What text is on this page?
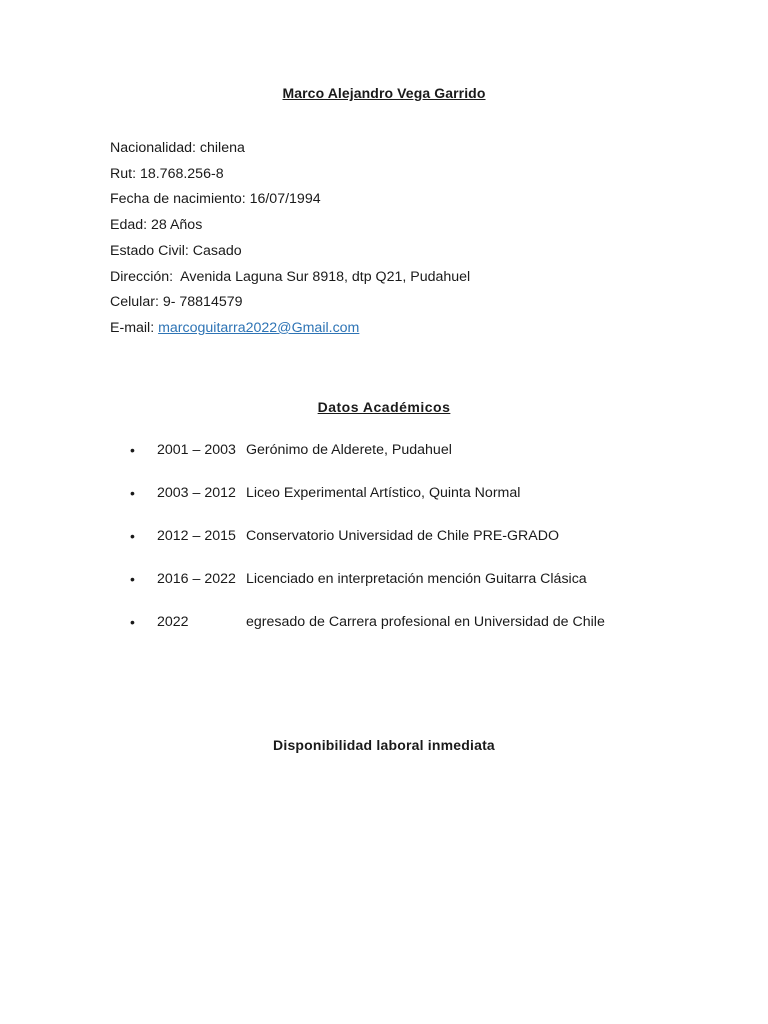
Marco Alejandro Vega Garrido
Nacionalidad: chilena
Rut: 18.768.256-8
Fecha de nacimiento: 16/07/1994
Edad: 28 Años
Estado Civil: Casado
Dirección:  Avenida Laguna Sur 8918, dtp Q21, Pudahuel
Celular: 9- 78814579
E-mail: marcoguitarra2022@Gmail.com
Datos Académicos

•

2001 – 2003

Gerónimo de Alderete, Pudahuel

•

2003 – 2012

Liceo Experimental Artístico, Quinta Normal

•

2012 – 2015

Conservatorio Universidad de Chile PRE-GRADO

•

2016 – 2022

Licenciado en interpretación mención Guitarra Clásica

•

2022

	egresado de Carrera profesional en Universidad de Chile

Disponibilidad laboral inmediata
